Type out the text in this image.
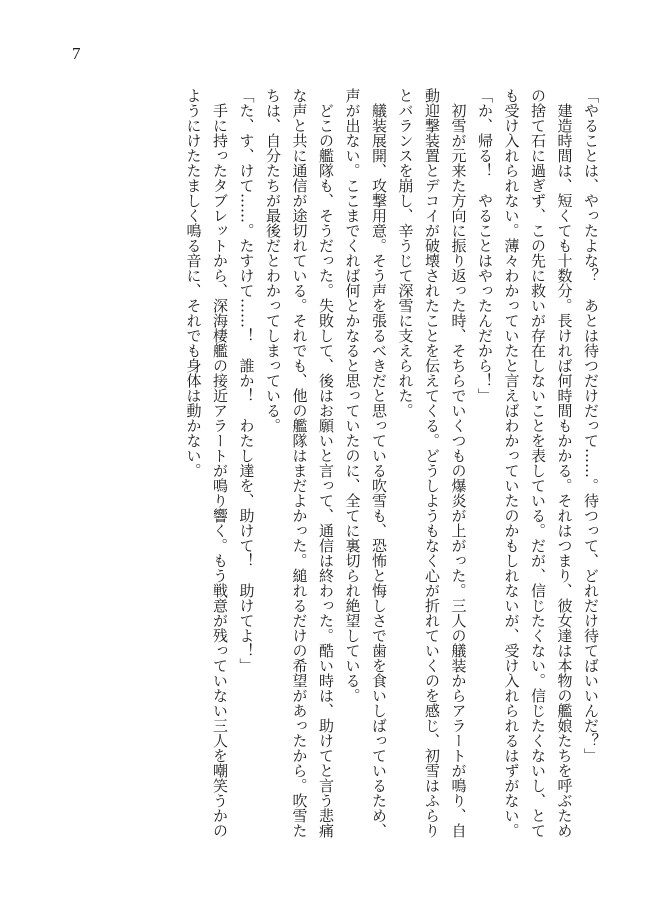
7

「やることは、やったよな？　あとは待つだけだって……。待つって、どれだけ待てばいいんだ？」

　建造時間は、短くても十数分。長ければ何時間もかかる。それはつまり、彼女達は本物の艦娘たちを呼ぶための捨て石に過ぎず、この先に救いが存在しないことを表している。だが、信じたくない。信じたくないし、とても受け入れられない。薄々わかっていたと言えばわかっていたのかもしれないが、受け入れられるはずがない。

「か、帰る！　やることはやったんだから！」

　初雪が元来た方向に振り返った時、そちらでいくつもの爆炎が上がった。三人の艤装からアラートが鳴り、自動迎撃装置とデコイが破壊されたことを伝えてくる。どうしようもなく心が折れていくのを感じ、初雪はふらりとバランスを崩し、辛うじて深雪に支えられた。

　艤装展開、攻撃用意。そう声を張るべきだと思っている吹雪も、恐怖と悔しさで歯を食いしばっているため、声が出ない。ここまでくれば何とかなると思っていたのに、全てに裏切られ絶望している。

　どこの艦隊も、そうだった。失敗して、後はお願いと言って、通信は終わった。酷い時は、助けてと言う悲痛な声と共に通信が途切れている。それでも、他の艦隊はまだよかった。縋れるだけの希望があったから。吹雪たちは、自分たちが最後だとわかってしまっている。

「た、す、けて……。たすけて……！　誰か！　わたし達を、助けて！　助けてよ！」

　手に持ったタブレットから、深海棲艦の接近アラートが鳴り響く。もう戦意が残っていない三人を嘲笑うかのようにけたたましく鳴る音に、それでも身体は動かない。
